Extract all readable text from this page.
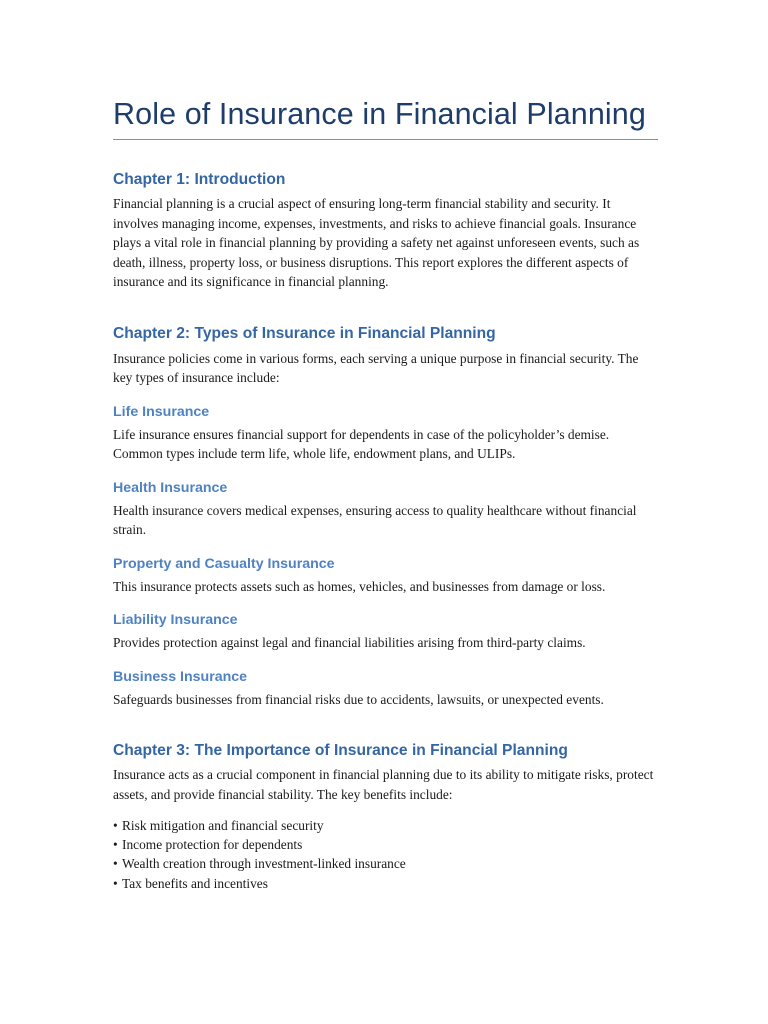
Role of Insurance in Financial Planning
Chapter 1: Introduction

Financial planning is a crucial aspect of ensuring long-term financial stability and security. It involves managing income, expenses, investments, and risks to achieve financial goals. Insurance plays a vital role in financial planning by providing a safety net against unforeseen events, such as death, illness, property loss, or business disruptions. This report explores the different aspects of insurance and its significance in financial planning.

Chapter 2: Types of Insurance in Financial Planning

Insurance policies come in various forms, each serving a unique purpose in financial security. The key types of insurance include:

Life Insurance

Life insurance ensures financial support for dependents in case of the policyholder’s demise. Common types include term life, whole life, endowment plans, and ULIPs.

Health Insurance

Health insurance covers medical expenses, ensuring access to quality healthcare without financial strain.

Property and Casualty Insurance

This insurance protects assets such as homes, vehicles, and businesses from damage or loss.

Liability Insurance

Provides protection against legal and financial liabilities arising from third-party claims.

Business Insurance

Safeguards businesses from financial risks due to accidents, lawsuits, or unexpected events.

Chapter 3: The Importance of Insurance in Financial Planning

Insurance acts as a crucial component in financial planning due to its ability to mitigate risks, protect assets, and provide financial stability. The key benefits include:

• Risk mitigation and financial security
• Income protection for dependents
• Wealth creation through investment-linked insurance
• Tax benefits and incentives
